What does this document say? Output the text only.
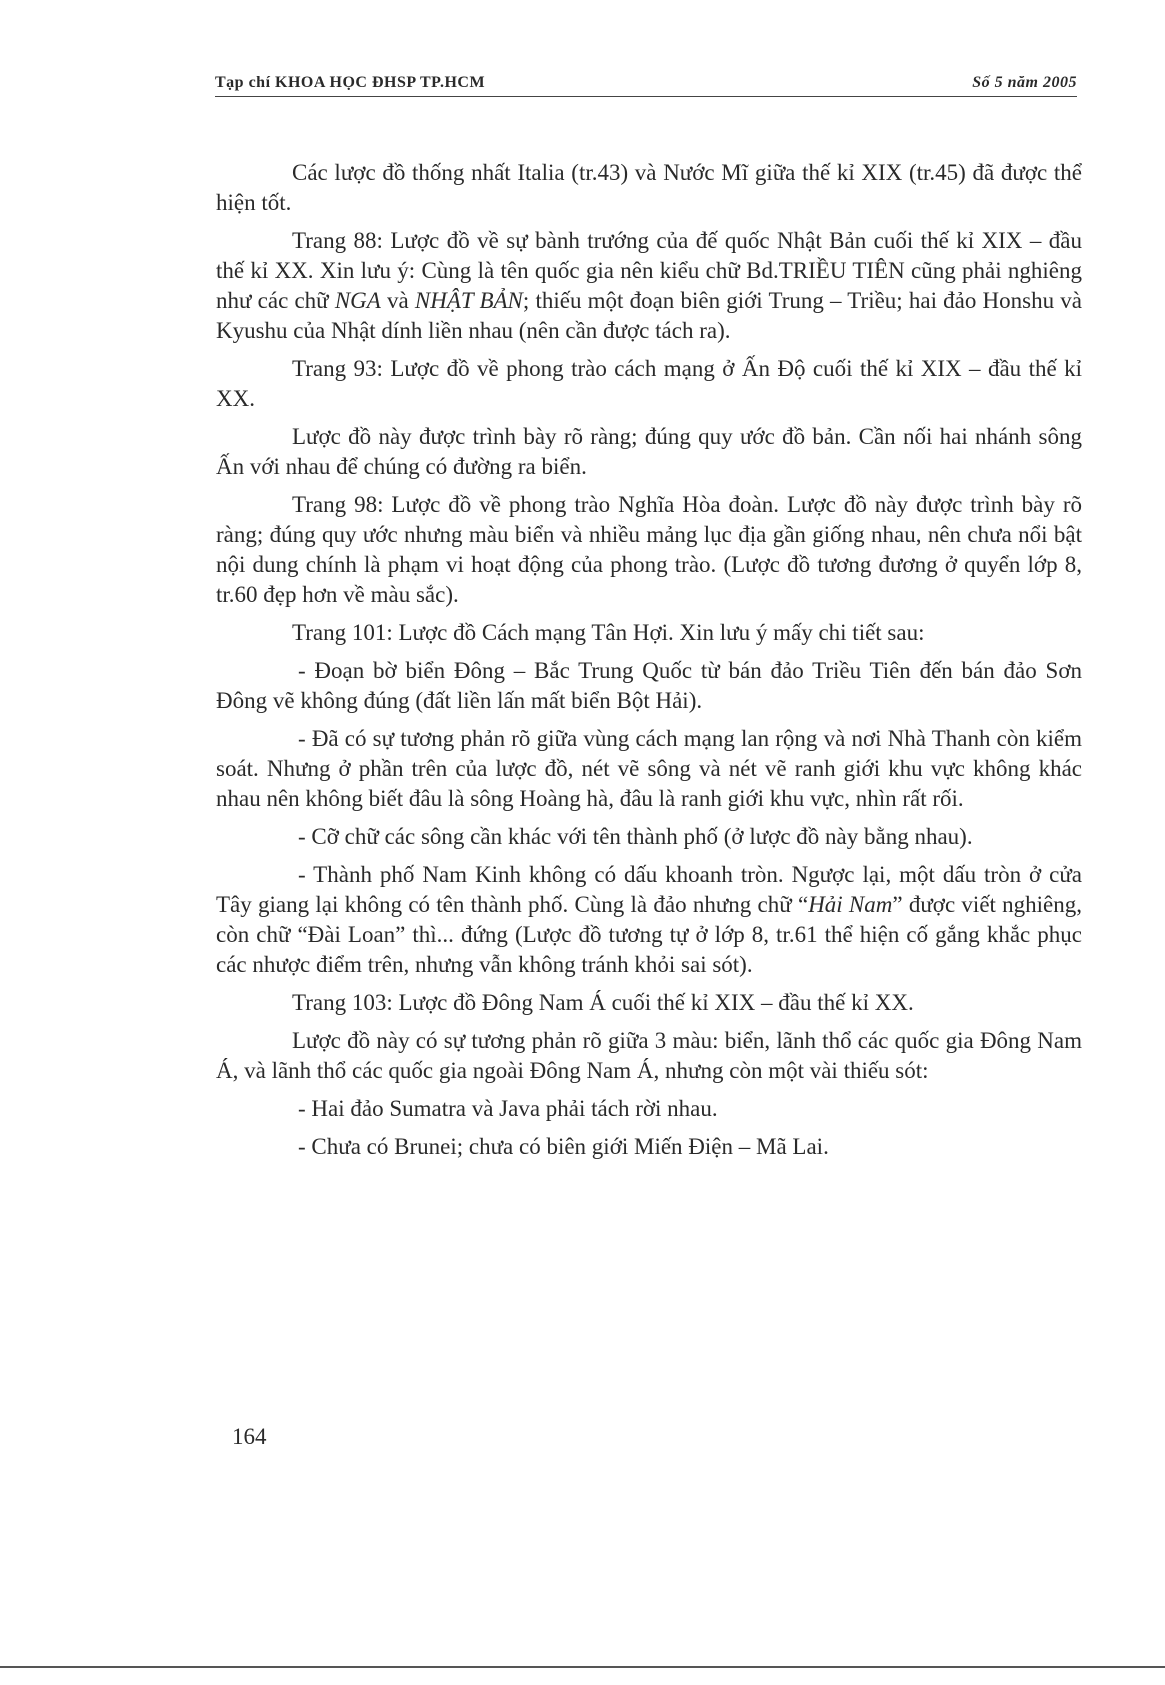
Tạp chí KHOA HỌC ĐHSP TP.HCM	Số 5 năm 2005

Các lược đồ thống nhất Italia (tr.43) và Nước Mĩ giữa thế kỉ XIX (tr.45) đã được thể hiện tốt.

Trang 88: Lược đồ về sự bành trướng của đế quốc Nhật Bản cuối thế kỉ XIX – đầu thế kỉ XX. Xin lưu ý: Cùng là tên quốc gia nên kiểu chữ Bd.TRIỀU TIÊN cũng phải nghiêng như các chữ NGA và NHẬT BẢN; thiếu một đoạn biên giới Trung – Triều; hai đảo Honshu và Kyushu của Nhật dính liền nhau (nên cần được tách ra).

Trang 93: Lược đồ về phong trào cách mạng ở Ấn Độ cuối thế kỉ XIX – đầu thế kỉ XX.

Lược đồ này được trình bày rõ ràng; đúng quy ước đồ bản. Cần nối hai nhánh sông Ấn với nhau để chúng có đường ra biển.

Trang 98: Lược đồ về phong trào Nghĩa Hòa đoàn. Lược đồ này được trình bày rõ ràng; đúng quy ước nhưng màu biển và nhiều mảng lục địa gần giống nhau, nên chưa nổi bật nội dung chính là phạm vi hoạt động của phong trào. (Lược đồ tương đương ở quyển lớp 8, tr.60 đẹp hơn về màu sắc).

Trang 101: Lược đồ Cách mạng Tân Hợi. Xin lưu ý mấy chi tiết sau:

- Đoạn bờ biển Đông – Bắc Trung Quốc từ bán đảo Triều Tiên đến bán đảo Sơn Đông vẽ không đúng (đất liền lấn mất biển Bột Hải).

- Đã có sự tương phản rõ giữa vùng cách mạng lan rộng và nơi Nhà Thanh còn kiểm soát. Nhưng ở phần trên của lược đồ, nét vẽ sông và nét vẽ ranh giới khu vực không khác nhau nên không biết đâu là sông Hoàng hà, đâu là ranh giới khu vực, nhìn rất rối.

- Cỡ chữ các sông cần khác với tên thành phố (ở lược đồ này bằng nhau).

- Thành phố Nam Kinh không có dấu khoanh tròn. Ngược lại, một dấu tròn ở cửa Tây giang lại không có tên thành phố. Cùng là đảo nhưng chữ “Hải Nam” được viết nghiêng, còn chữ “Đài Loan” thì... đứng (Lược đồ tương tự ở lớp 8, tr.61 thể hiện cố gắng khắc phục các nhược điểm trên, nhưng vẫn không tránh khỏi sai sót).

Trang 103: Lược đồ Đông Nam Á cuối thế kỉ XIX – đầu thế kỉ XX.

Lược đồ này có sự tương phản rõ giữa 3 màu: biển, lãnh thổ các quốc gia Đông Nam Á, và lãnh thổ các quốc gia ngoài Đông Nam Á, nhưng còn một vài thiếu sót:

- Hai đảo Sumatra và Java phải tách rời nhau.

- Chưa có Brunei; chưa có biên giới Miến Điện – Mã Lai.

164
